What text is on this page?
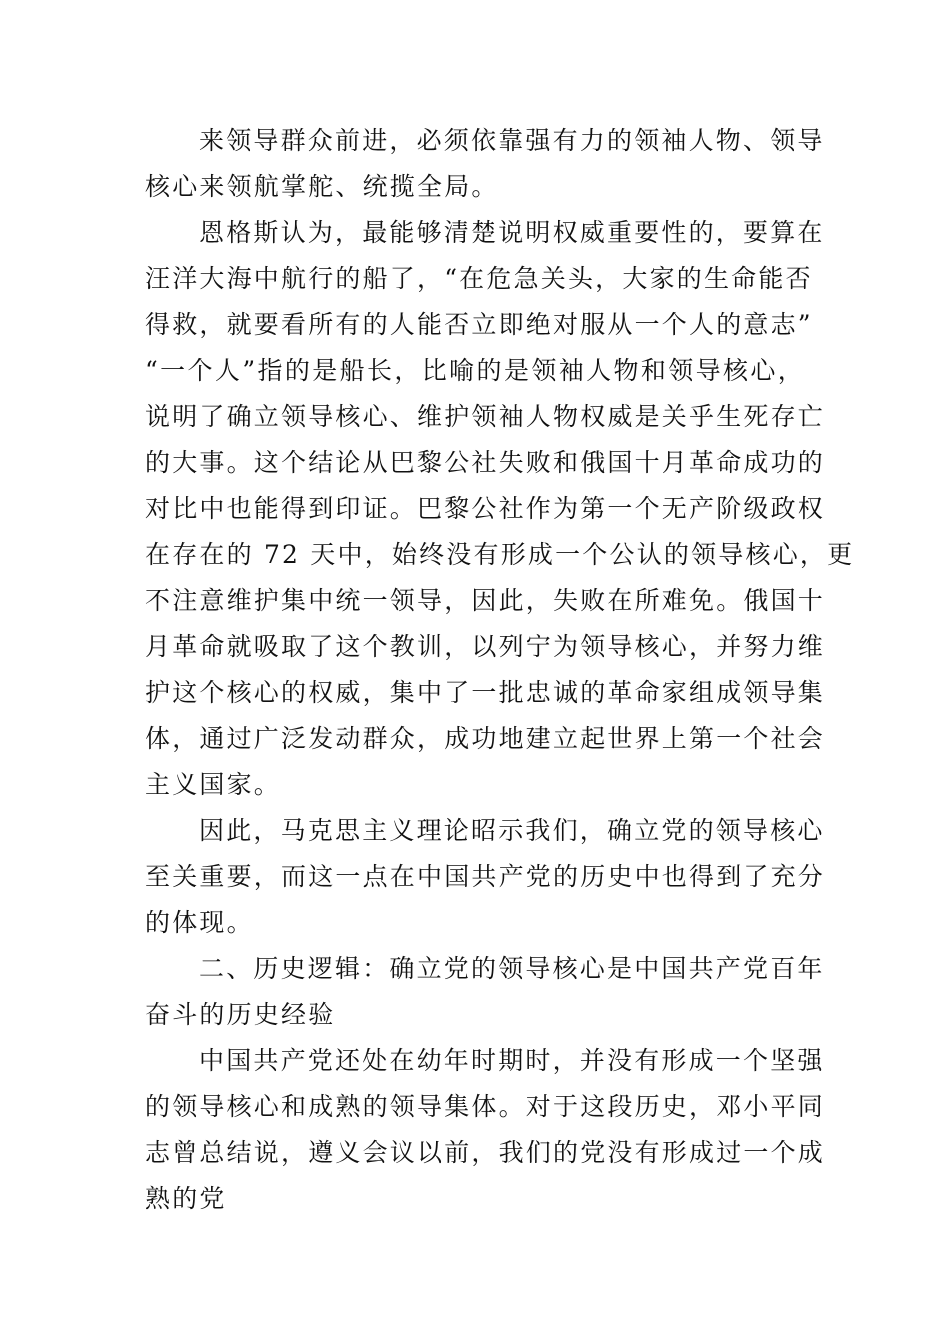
来领导群众前进，必须依靠强有力的领袖人物、领导
核心来领航掌舵、统揽全局。

恩格斯认为，最能够清楚说明权威重要性的，要算在
汪洋大海中航行的船了，“在危急关头，大家的生命能否
得救，就要看所有的人能否立即绝对服从一个人的意志”
“一个人”指的是船长，比喻的是领袖人物和领导核心，
说明了确立领导核心、维护领袖人物权威是关乎生死存亡
的大事。这个结论从巴黎公社失败和俄国十月革命成功的
对比中也能得到印证。巴黎公社作为第一个无产阶级政权
在存在的 72 天中，始终没有形成一个公认的领导核心，更
不注意维护集中统一领导，因此，失败在所难免。俄国十
月革命就吸取了这个教训，以列宁为领导核心，并努力维
护这个核心的权威，集中了一批忠诚的革命家组成领导集
体，通过广泛发动群众，成功地建立起世界上第一个社会
主义国家。

因此，马克思主义理论昭示我们，确立党的领导核心
至关重要，而这一点在中国共产党的历史中也得到了充分
的体现。

二、历史逻辑：确立党的领导核心是中国共产党百年
奋斗的历史经验

中国共产党还处在幼年时期时，并没有形成一个坚强
的领导核心和成熟的领导集体。对于这段历史，邓小平同
志曾总结说，遵义会议以前，我们的党没有形成过一个成
熟的党
